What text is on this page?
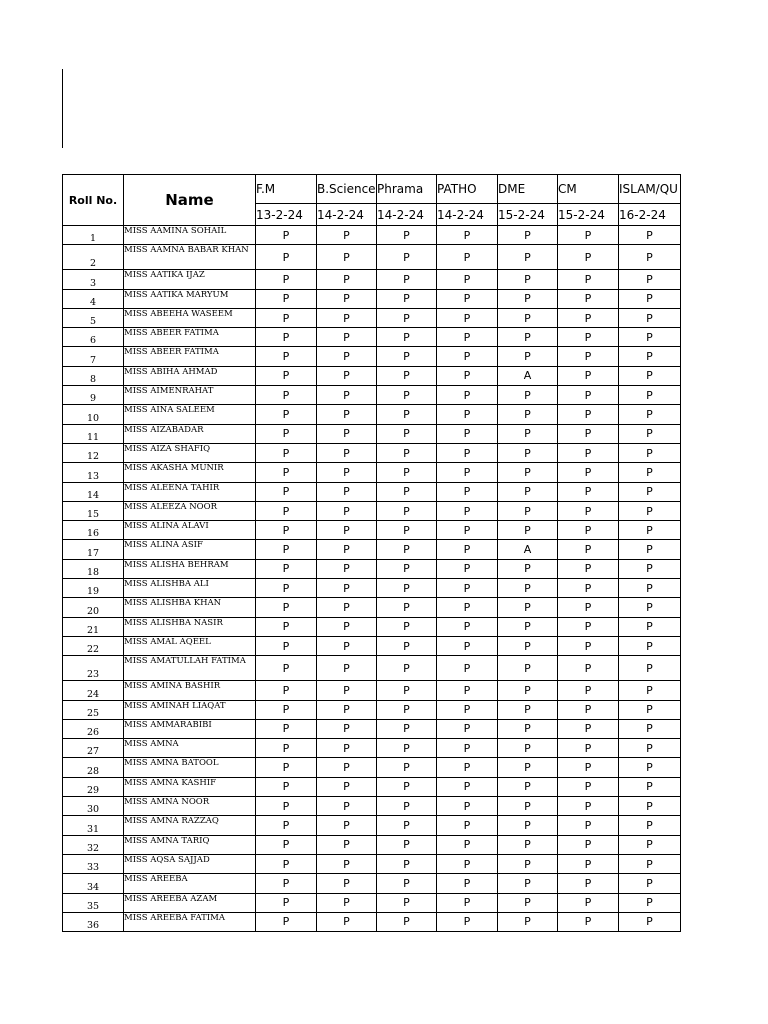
Roll No.	Name	F.M	B.Science	Phrama	PATHO	DME	CM	ISLAM/QU
		13-2-24	14-2-24	14-2-24	14-2-24	15-2-24	15-2-24	16-2-24
1	MISS AAMINA SOHAIL	P	P	P	P	P	P	P
2	MISS AAMNA BABAR KHAN	P	P	P	P	P	P	P
3	MISS AATIKA IJAZ	P	P	P	P	P	P	P
4	MISS AATIKA MARYUM	P	P	P	P	P	P	P
5	MISS ABEEHA WASEEM	P	P	P	P	P	P	P
6	MISS ABEER FATIMA	P	P	P	P	P	P	P
7	MISS ABEER FATIMA	P	P	P	P	P	P	P
8	MISS ABIHA AHMAD	P	P	P	P	A	P	P
9	MISS AIMENRAHAT	P	P	P	P	P	P	P
10	MISS AINA SALEEM	P	P	P	P	P	P	P
11	MISS AIZABADAR	P	P	P	P	P	P	P
12	MISS AIZA SHAFIQ	P	P	P	P	P	P	P
13	MISS AKASHA MUNIR	P	P	P	P	P	P	P
14	MISS ALEENA TAHIR	P	P	P	P	P	P	P
15	MISS ALEEZA NOOR	P	P	P	P	P	P	P
16	MISS ALINA ALAVI	P	P	P	P	P	P	P
17	MISS ALINA ASIF	P	P	P	P	A	P	P
18	MISS ALISHA BEHRAM	P	P	P	P	P	P	P
19	MISS ALISHBA ALI	P	P	P	P	P	P	P
20	MISS ALISHBA KHAN	P	P	P	P	P	P	P
21	MISS ALISHBA NASIR	P	P	P	P	P	P	P
22	MISS AMAL AQEEL	P	P	P	P	P	P	P
23	MISS AMATULLAH FATIMA	P	P	P	P	P	P	P
24	MISS AMINA BASHIR	P	P	P	P	P	P	P
25	MISS AMINAH LIAQAT	P	P	P	P	P	P	P
26	MISS AMMARABIBI	P	P	P	P	P	P	P
27	MISS AMNA	P	P	P	P	P	P	P
28	MISS AMNA BATOOL	P	P	P	P	P	P	P
29	MISS AMNA KASHIF	P	P	P	P	P	P	P
30	MISS AMNA NOOR	P	P	P	P	P	P	P
31	MISS AMNA RAZZAQ	P	P	P	P	P	P	P
32	MISS AMNA TARIQ	P	P	P	P	P	P	P
33	MISS AQSA SAJJAD	P	P	P	P	P	P	P
34	MISS AREEBA	P	P	P	P	P	P	P
35	MISS AREEBA AZAM	P	P	P	P	P	P	P
36	MISS AREEBA FATIMA	P	P	P	P	P	P	P
